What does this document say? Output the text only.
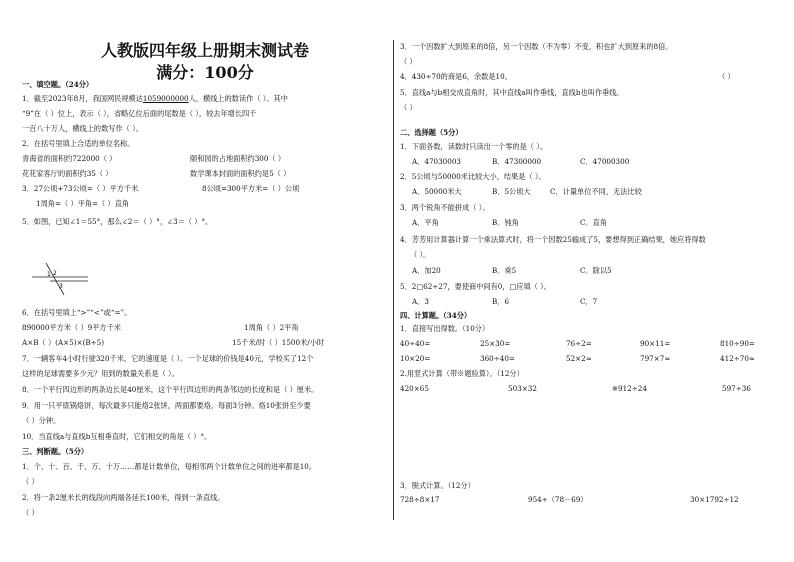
人教版四年级上册期末测试卷
满分：100分
一、填空题。（24分）
1．截至2023年8月，我国网民规模达1059000000人，横线上的数读作（ ）。其中
“9”在（ ）位上，表示（ ），省略亿位后面的尾数是（ ），较去年增长四千
一百八十万人，横线上的数写作（ ）。
2．在括号里填上合适的单位名称。
青海省的面积约722000（ ）	颐和园的占地面积约300（ ）
花花家客厅的面积约35（ ）	数学课本封面的面积约是5（ ）
3．27公顷+73公顷=（ ）平方千米	8公顷=300平方米=（ ）公顷
1周角=（ ）平角=（ ）直角
5．如图，已知∠1＝55°，那么∠2＝（ ）°，∠3＝（ ）°。
1 2
3
6．在括号里填上“>”“<”或“=”。
890000平方米（ ）9平方千米	1周角（ ）2平角
A×B（ ）(A×5)×(B÷5)	15千米/时（ ）1500米/小时
7．一辆客车4小时行驶320千米，它的速度是（ ）。一个足球的价钱是40元，学校买了12个
这样的足球需要多少元？用到的数量关系是（ ）。
8．一个平行四边形的两条边长是40厘米，这个平行四边形的两条邻边的长度和是（ ）厘米。
9．用一只平底锅烙饼，每次最多只能烙2张饼，两面都要烙，每面3分钟。烙10张饼至少要
（ ）分钟。
10．当直线a与直线b互相垂直时，它们相交的角是（ ）°。
三、判断题。（5分）
1．个、十、百、千、万、十万……都是计数单位，每相邻两个计数单位之间的进率都是10。
（ ）
2．将一条2厘米长的线段向两端各延长100米，得到一条直线。
（ ）
3．一个因数扩大到原来的8倍，另一个因数（不为零）不变，积也扩大到原来的8倍。
（ ）
4．430÷70的商是6，余数是10。	（ ）
5．直线a与b相交成直角时，其中直线a叫作垂线，直线b也叫作垂线。
（ ）
二、选择题（5分）
1．下面各数，读数时只读出一个零的是（ ）。
A．47030003	B．47300000	C．47000300
2．5公顷与50000米比较大小，结果是（ ）。
A．50000米大	B．5公顷大	C．计量单位不同，无法比较
3．两个锐角不能拼成（ ）。
A．平角	B．钝角	C．直角
4．芳芳用计算器计算一个乘法算式时，将一个因数25输成了5，要想得到正确结果，她应将得数
（ ）。
A．加20	B．乘5	C．除以5
5．2□62÷27，要使商中间有0，□应填（ ）。
A．3	B．6	C．7
四、计算题。（34分）
1．直接写出得数。（10分）
40÷40=	25×30=	76÷2=	90×11=	810÷90=
10×20=	360÷40=	52×2≈	797×7≈	412÷70≈
2.用竖式计算（带※题验算）。（12分）
420×65	503×32	※912÷24	597÷36
3．脱式计算。（12分）
728÷8×17	954÷（78－69）	30×1792÷12
